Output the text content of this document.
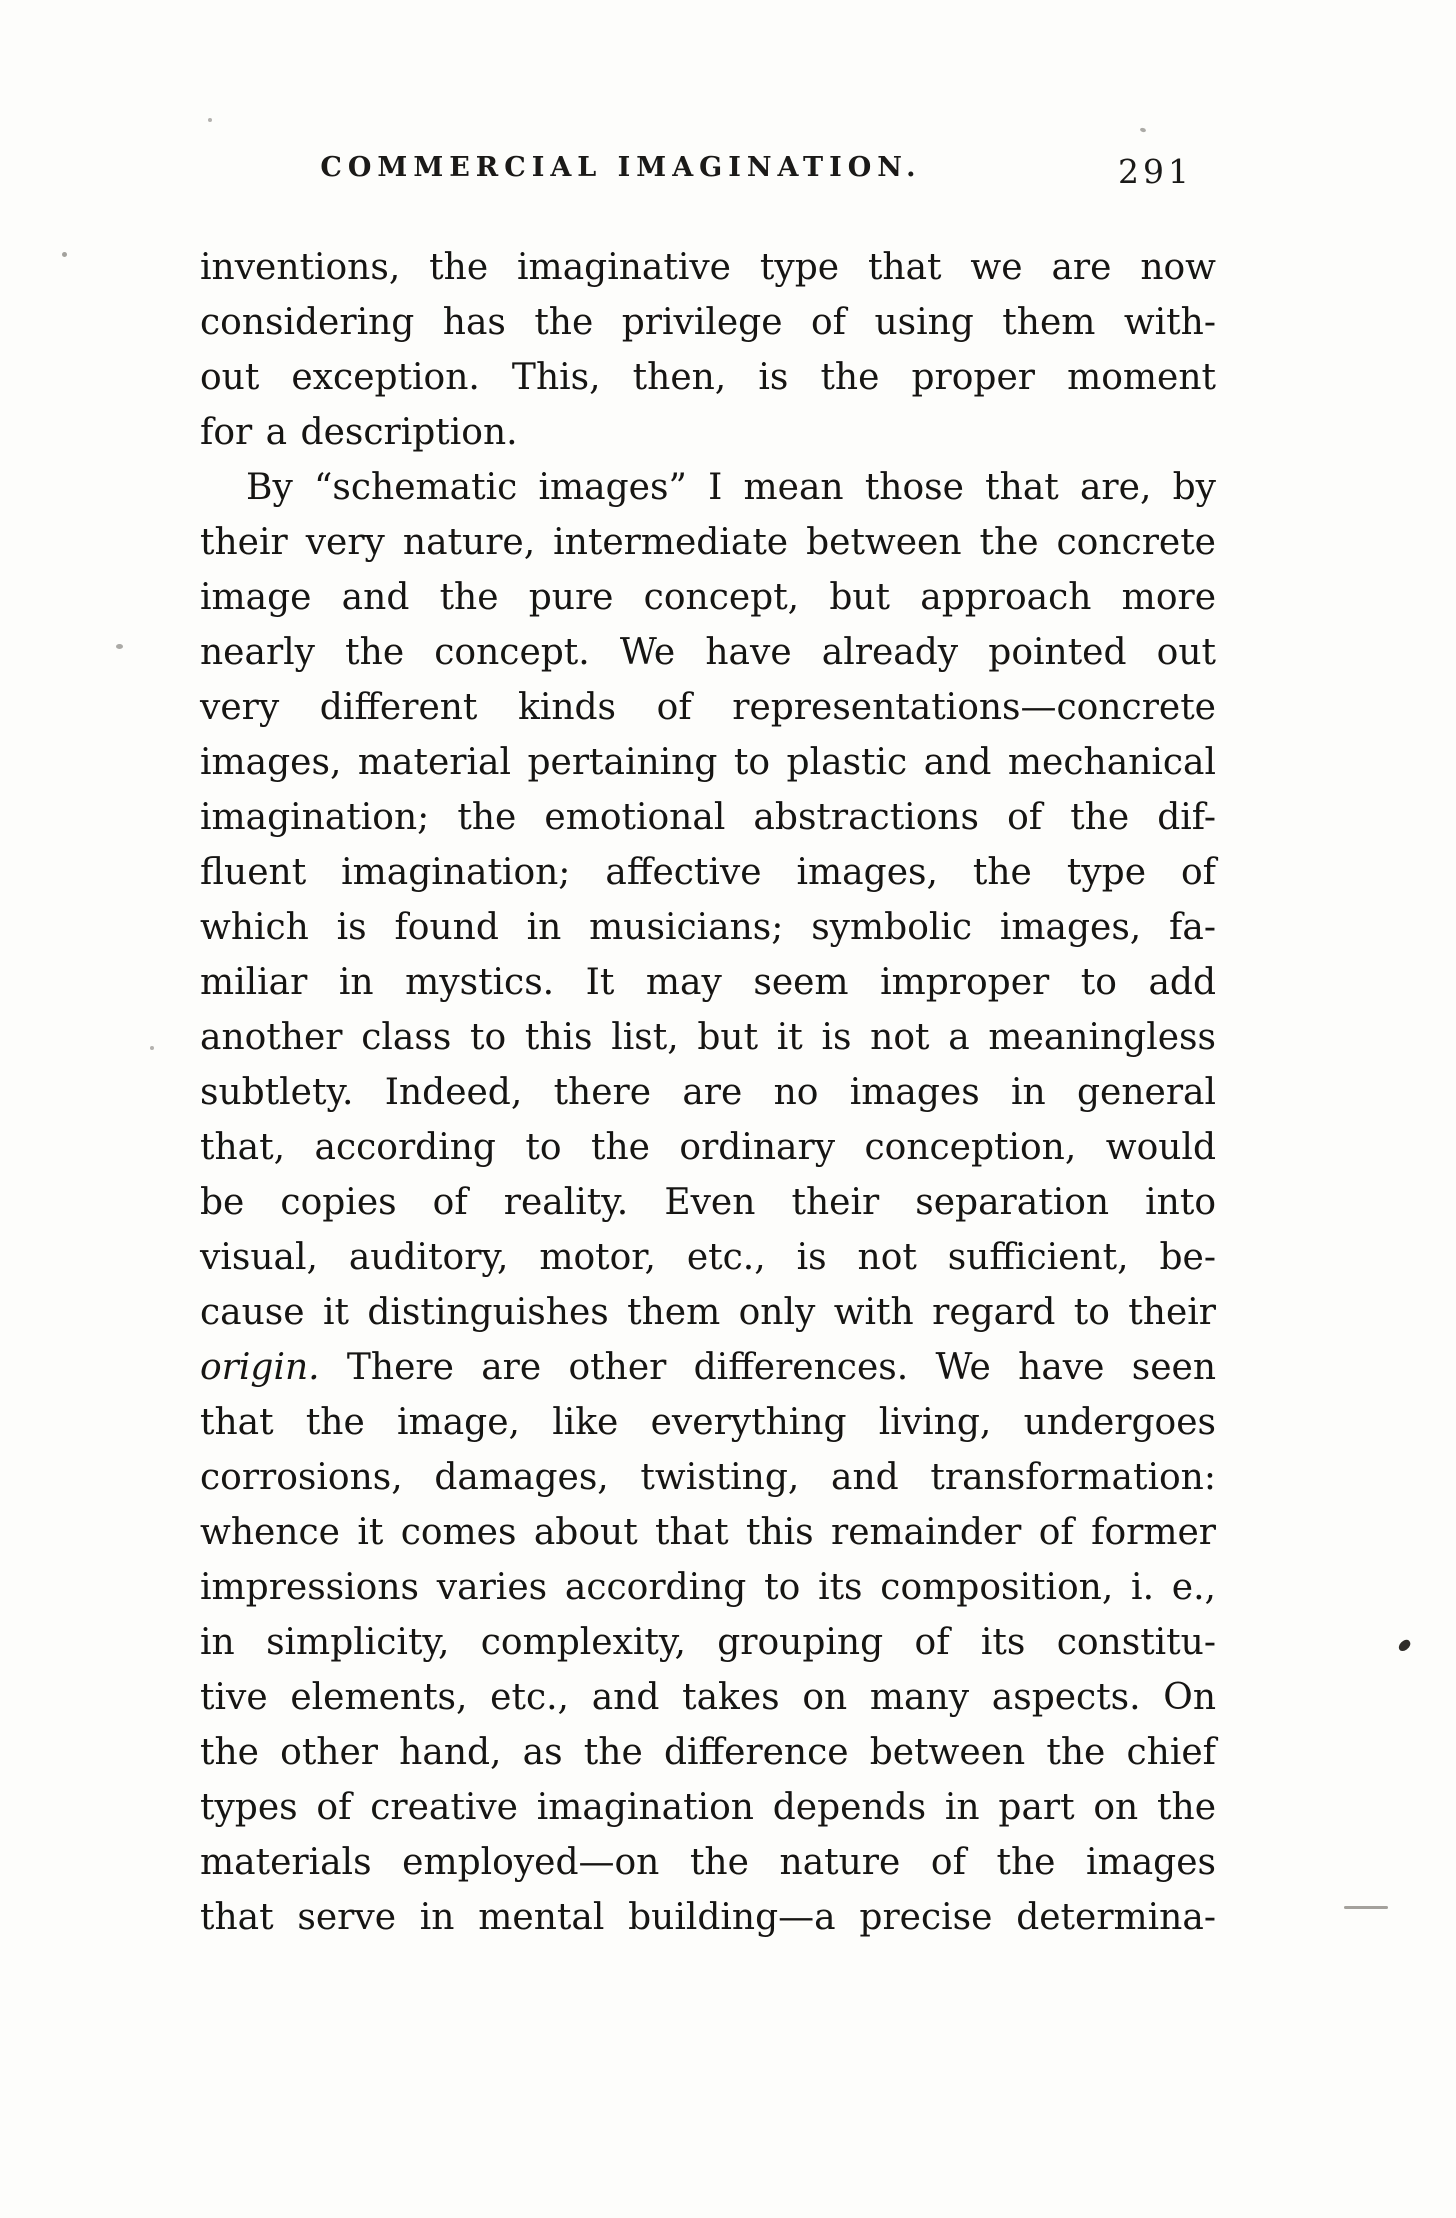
COMMERCIAL IMAGINATION.	291
inventions, the imaginative type that we are now
considering has the privilege of using them with-
out exception. This, then, is the proper moment
for a description.
By “schematic images” I mean those that are, by
their very nature, intermediate between the concrete
image and the pure concept, but approach more
nearly the concept. We have already pointed out
very different kinds of representations—concrete
images, material pertaining to plastic and mechanical
imagination; the emotional abstractions of the dif-
fluent imagination; affective images, the type of
which is found in musicians; symbolic images, fa-
miliar in mystics. It may seem improper to add
another class to this list, but it is not a meaningless
subtlety. Indeed, there are no images in general
that, according to the ordinary conception, would
be copies of reality. Even their separation into
visual, auditory, motor, etc., is not sufficient, be-
cause it distinguishes them only with regard to their
origin. There are other differences. We have seen
that the image, like everything living, undergoes
corrosions, damages, twisting, and transformation:
whence it comes about that this remainder of former
impressions varies according to its composition, i. e.,
in simplicity, complexity, grouping of its constitu-
tive elements, etc., and takes on many aspects. On
the other hand, as the difference between the chief
types of creative imagination depends in part on the
materials employed—on the nature of the images
that serve in mental building—a precise determina-
